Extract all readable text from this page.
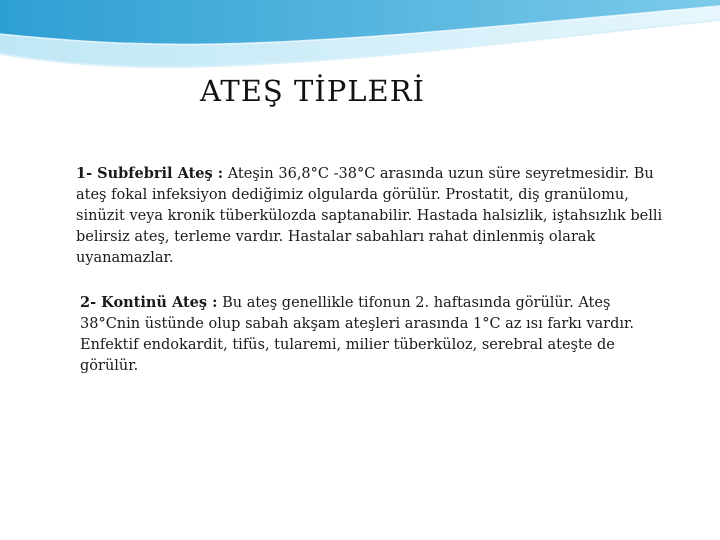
ATEŞ TİPLERİ

1- Subfebril Ateş : Ateşin 36,8°C -38°C arasında uzun süre seyretmesidir. Bu ateş fokal infeksiyon dediğimiz olgularda görülür. Prostatit, diş granülomu, sinüzit veya kronik tüberkülozda saptanabilir. Hastada halsizlik, iştahsızlık belli belirsiz ateş, terleme vardır. Hastalar sabahları rahat dinlenmiş olarak uyanamazlar.

2- Kontinü Ateş : Bu ateş genellikle tifonun 2. haftasında görülür. Ateş 38°Cnin üstünde olup sabah akşam ateşleri arasında 1°C az ısı farkı vardır. Enfektif endokardit, tifüs, tularemi, milier tüberküloz, serebral ateşte de görülür.
